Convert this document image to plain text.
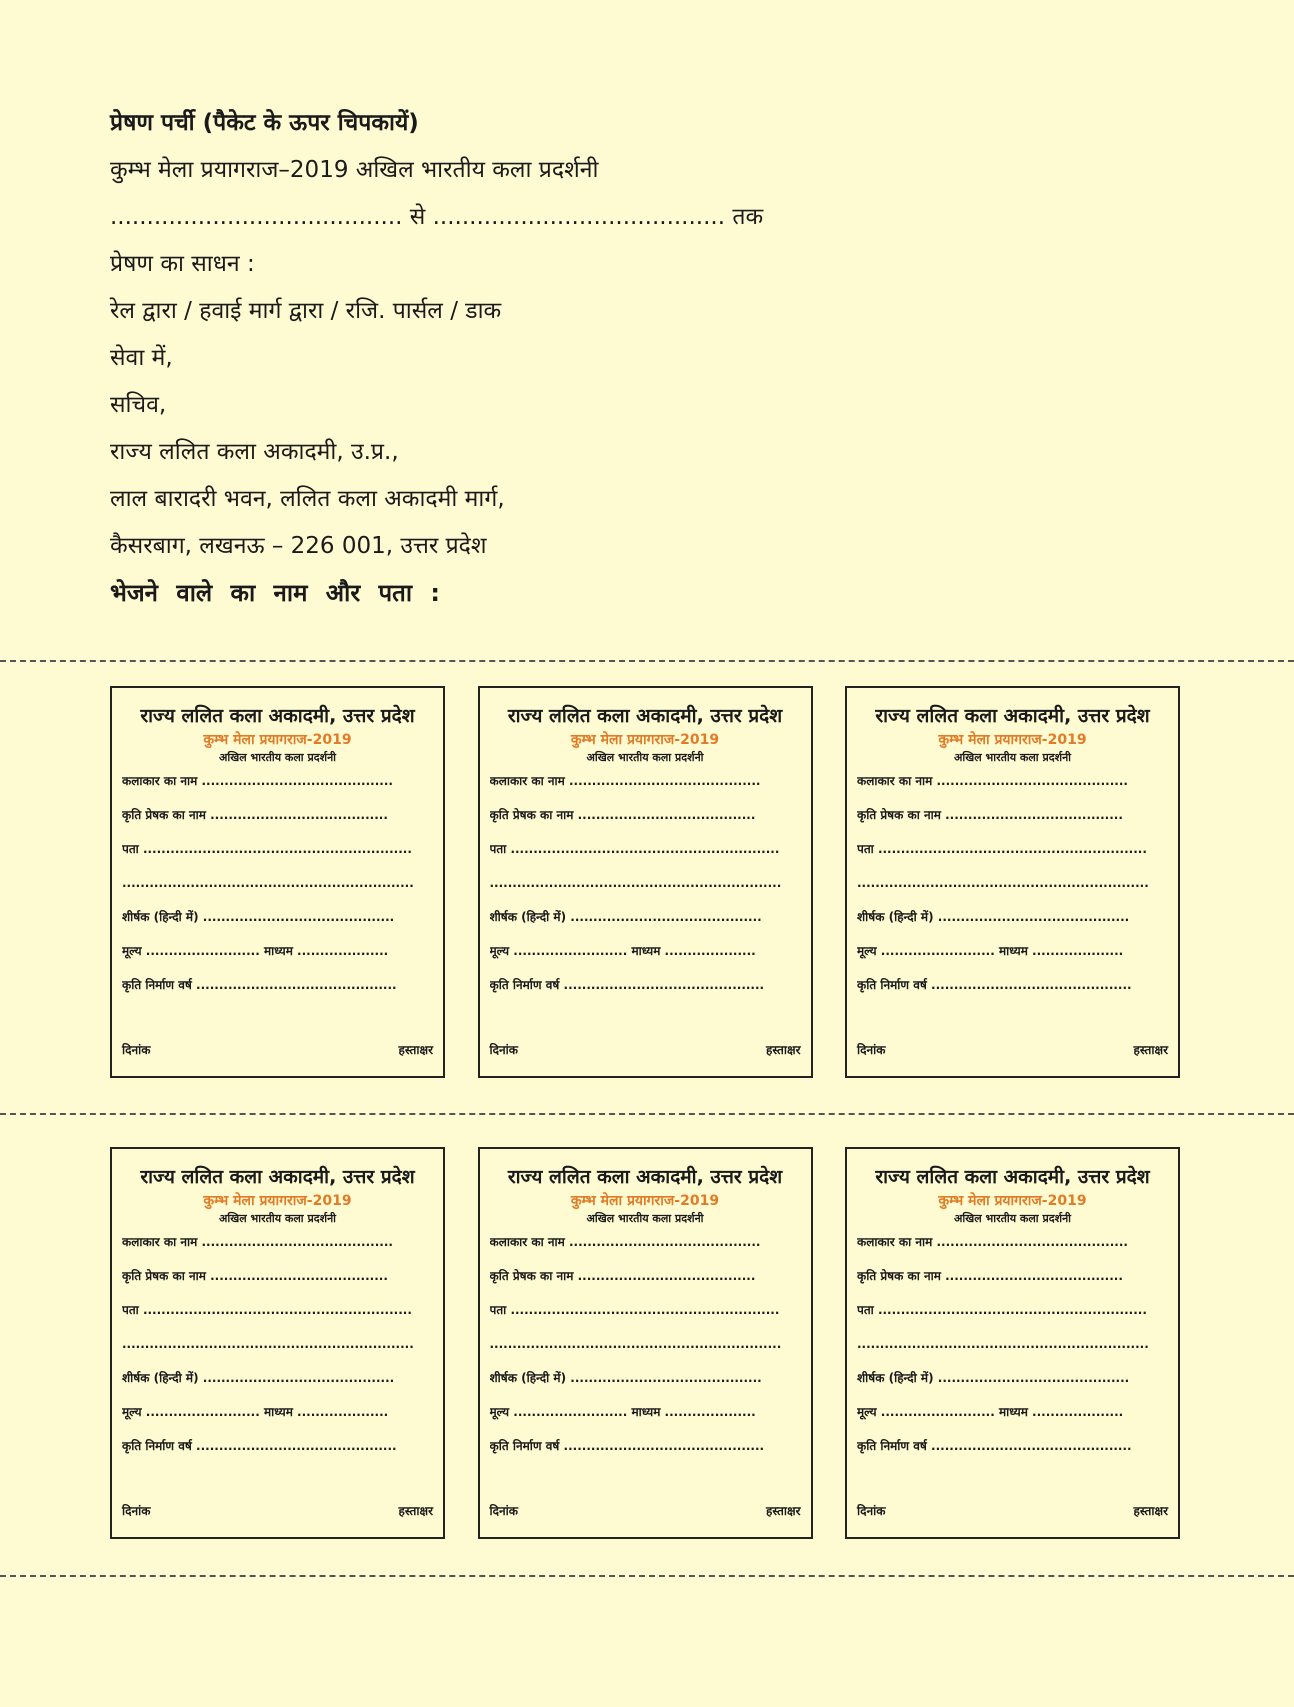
प्रेषण पर्ची (पैकेट के ऊपर चिपकायें)
कुम्भ मेला प्रयागराज–2019 अखिल भारतीय कला प्रदर्शनी
........................................ से ........................................ तक
प्रेषण का साधन :
रेल द्वारा / हवाई मार्ग द्वारा / रजि. पार्सल / डाक
सेवा में,
सचिव,
राज्य ललित कला अकादमी, उ.प्र.,
लाल बारादरी भवन, ललित कला अकादमी मार्ग,
कैसरबाग, लखनऊ – 226 001, उत्तर प्रदेश
भेजने वाले का नाम और पता :
राज्य ललित कला अकादमी, उत्तर प्रदेश
कुम्भ मेला प्रयागराज-2019
अखिल भारतीय कला प्रदर्शनी
कलाकार का नाम ..........................................
कृति प्रेषक का नाम .......................................
पता ...........................................................
................................................................
शीर्षक (हिन्दी में) ..........................................
मूल्य ......................... माध्यम ....................
कृति निर्माण वर्ष ............................................
दिनांक	हस्ताक्षर
राज्य ललित कला अकादमी, उत्तर प्रदेश
कुम्भ मेला प्रयागराज-2019
अखिल भारतीय कला प्रदर्शनी
कलाकार का नाम ..........................................
कृति प्रेषक का नाम .......................................
पता ...........................................................
................................................................
शीर्षक (हिन्दी में) ..........................................
मूल्य ......................... माध्यम ....................
कृति निर्माण वर्ष ............................................
दिनांक	हस्ताक्षर
राज्य ललित कला अकादमी, उत्तर प्रदेश
कुम्भ मेला प्रयागराज-2019
अखिल भारतीय कला प्रदर्शनी
कलाकार का नाम ..........................................
कृति प्रेषक का नाम .......................................
पता ...........................................................
................................................................
शीर्षक (हिन्दी में) ..........................................
मूल्य ......................... माध्यम ....................
कृति निर्माण वर्ष ............................................
दिनांक	हस्ताक्षर
राज्य ललित कला अकादमी, उत्तर प्रदेश
कुम्भ मेला प्रयागराज-2019
अखिल भारतीय कला प्रदर्शनी
कलाकार का नाम ..........................................
कृति प्रेषक का नाम .......................................
पता ...........................................................
................................................................
शीर्षक (हिन्दी में) ..........................................
मूल्य ......................... माध्यम ....................
कृति निर्माण वर्ष ............................................
दिनांक	हस्ताक्षर
राज्य ललित कला अकादमी, उत्तर प्रदेश
कुम्भ मेला प्रयागराज-2019
अखिल भारतीय कला प्रदर्शनी
कलाकार का नाम ..........................................
कृति प्रेषक का नाम .......................................
पता ...........................................................
................................................................
शीर्षक (हिन्दी में) ..........................................
मूल्य ......................... माध्यम ....................
कृति निर्माण वर्ष ............................................
दिनांक	हस्ताक्षर
राज्य ललित कला अकादमी, उत्तर प्रदेश
कुम्भ मेला प्रयागराज-2019
अखिल भारतीय कला प्रदर्शनी
कलाकार का नाम ..........................................
कृति प्रेषक का नाम .......................................
पता ...........................................................
................................................................
शीर्षक (हिन्दी में) ..........................................
मूल्य ......................... माध्यम ....................
कृति निर्माण वर्ष ............................................
दिनांक	हस्ताक्षर
